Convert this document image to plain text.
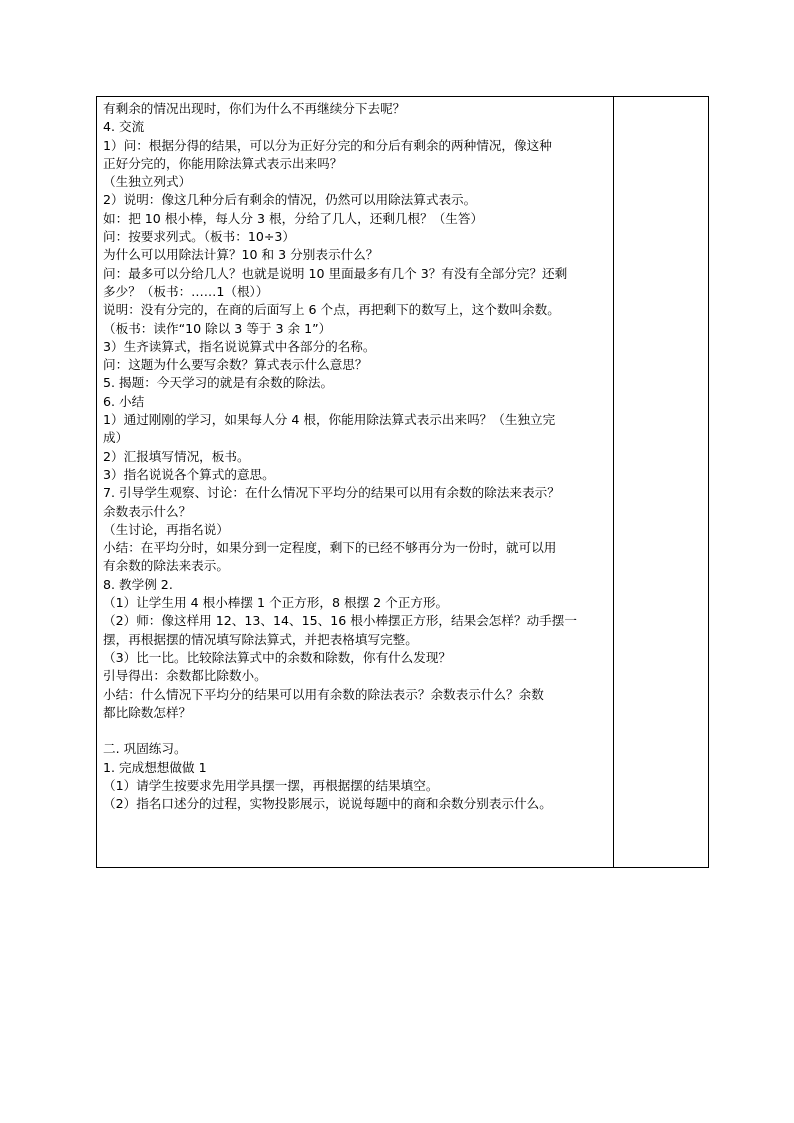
有剩余的情况出现时，你们为什么不再继续分下去呢？
4. 交流
1）问：根据分得的结果，可以分为正好分完的和分后有剩余的两种情况，像这种
正好分完的，你能用除法算式表示出来吗？
（生独立列式）
2）说明：像这几种分后有剩余的情况，仍然可以用除法算式表示。
如：把 10 根小棒，每人分 3 根，分给了几人，还剩几根？（生答）
问：按要求列式。（板书：10÷3）
为什么可以用除法计算？10 和 3 分别表示什么？
问：最多可以分给几人？也就是说明 10 里面最多有几个 3？有没有全部分完？还剩
多少？（板书：……1（根））
说明：没有分完的，在商的后面写上 6 个点，再把剩下的数写上，这个数叫余数。
（板书：读作“10 除以 3 等于 3 余 1”）
3）生齐读算式，指名说说算式中各部分的名称。
问：这题为什么要写余数？算式表示什么意思？
5. 揭题：今天学习的就是有余数的除法。
6. 小结
1）通过刚刚的学习，如果每人分 4 根，你能用除法算式表示出来吗？（生独立完
成）
2）汇报填写情况，板书。
3）指名说说各个算式的意思。
7. 引导学生观察、讨论：在什么情况下平均分的结果可以用有余数的除法来表示？
余数表示什么？
（生讨论，再指名说）
小结：在平均分时，如果分到一定程度，剩下的已经不够再分为一份时，就可以用
有余数的除法来表示。
8. 教学例 2.
（1）让学生用 4 根小棒摆 1 个正方形，8 根摆 2 个正方形。
（2）师：像这样用 12、13、14、15、16 根小棒摆正方形，结果会怎样？动手摆一
摆，再根据摆的情况填写除法算式，并把表格填写完整。
（3）比一比。比较除法算式中的余数和除数，你有什么发现？
引导得出：余数都比除数小。
小结：什么情况下平均分的结果可以用有余数的除法表示？余数表示什么？余数
都比除数怎样？
二. 巩固练习。
1. 完成想想做做 1
（1）请学生按要求先用学具摆一摆，再根据摆的结果填空。
（2）指名口述分的过程，实物投影展示，说说每题中的商和余数分别表示什么。
